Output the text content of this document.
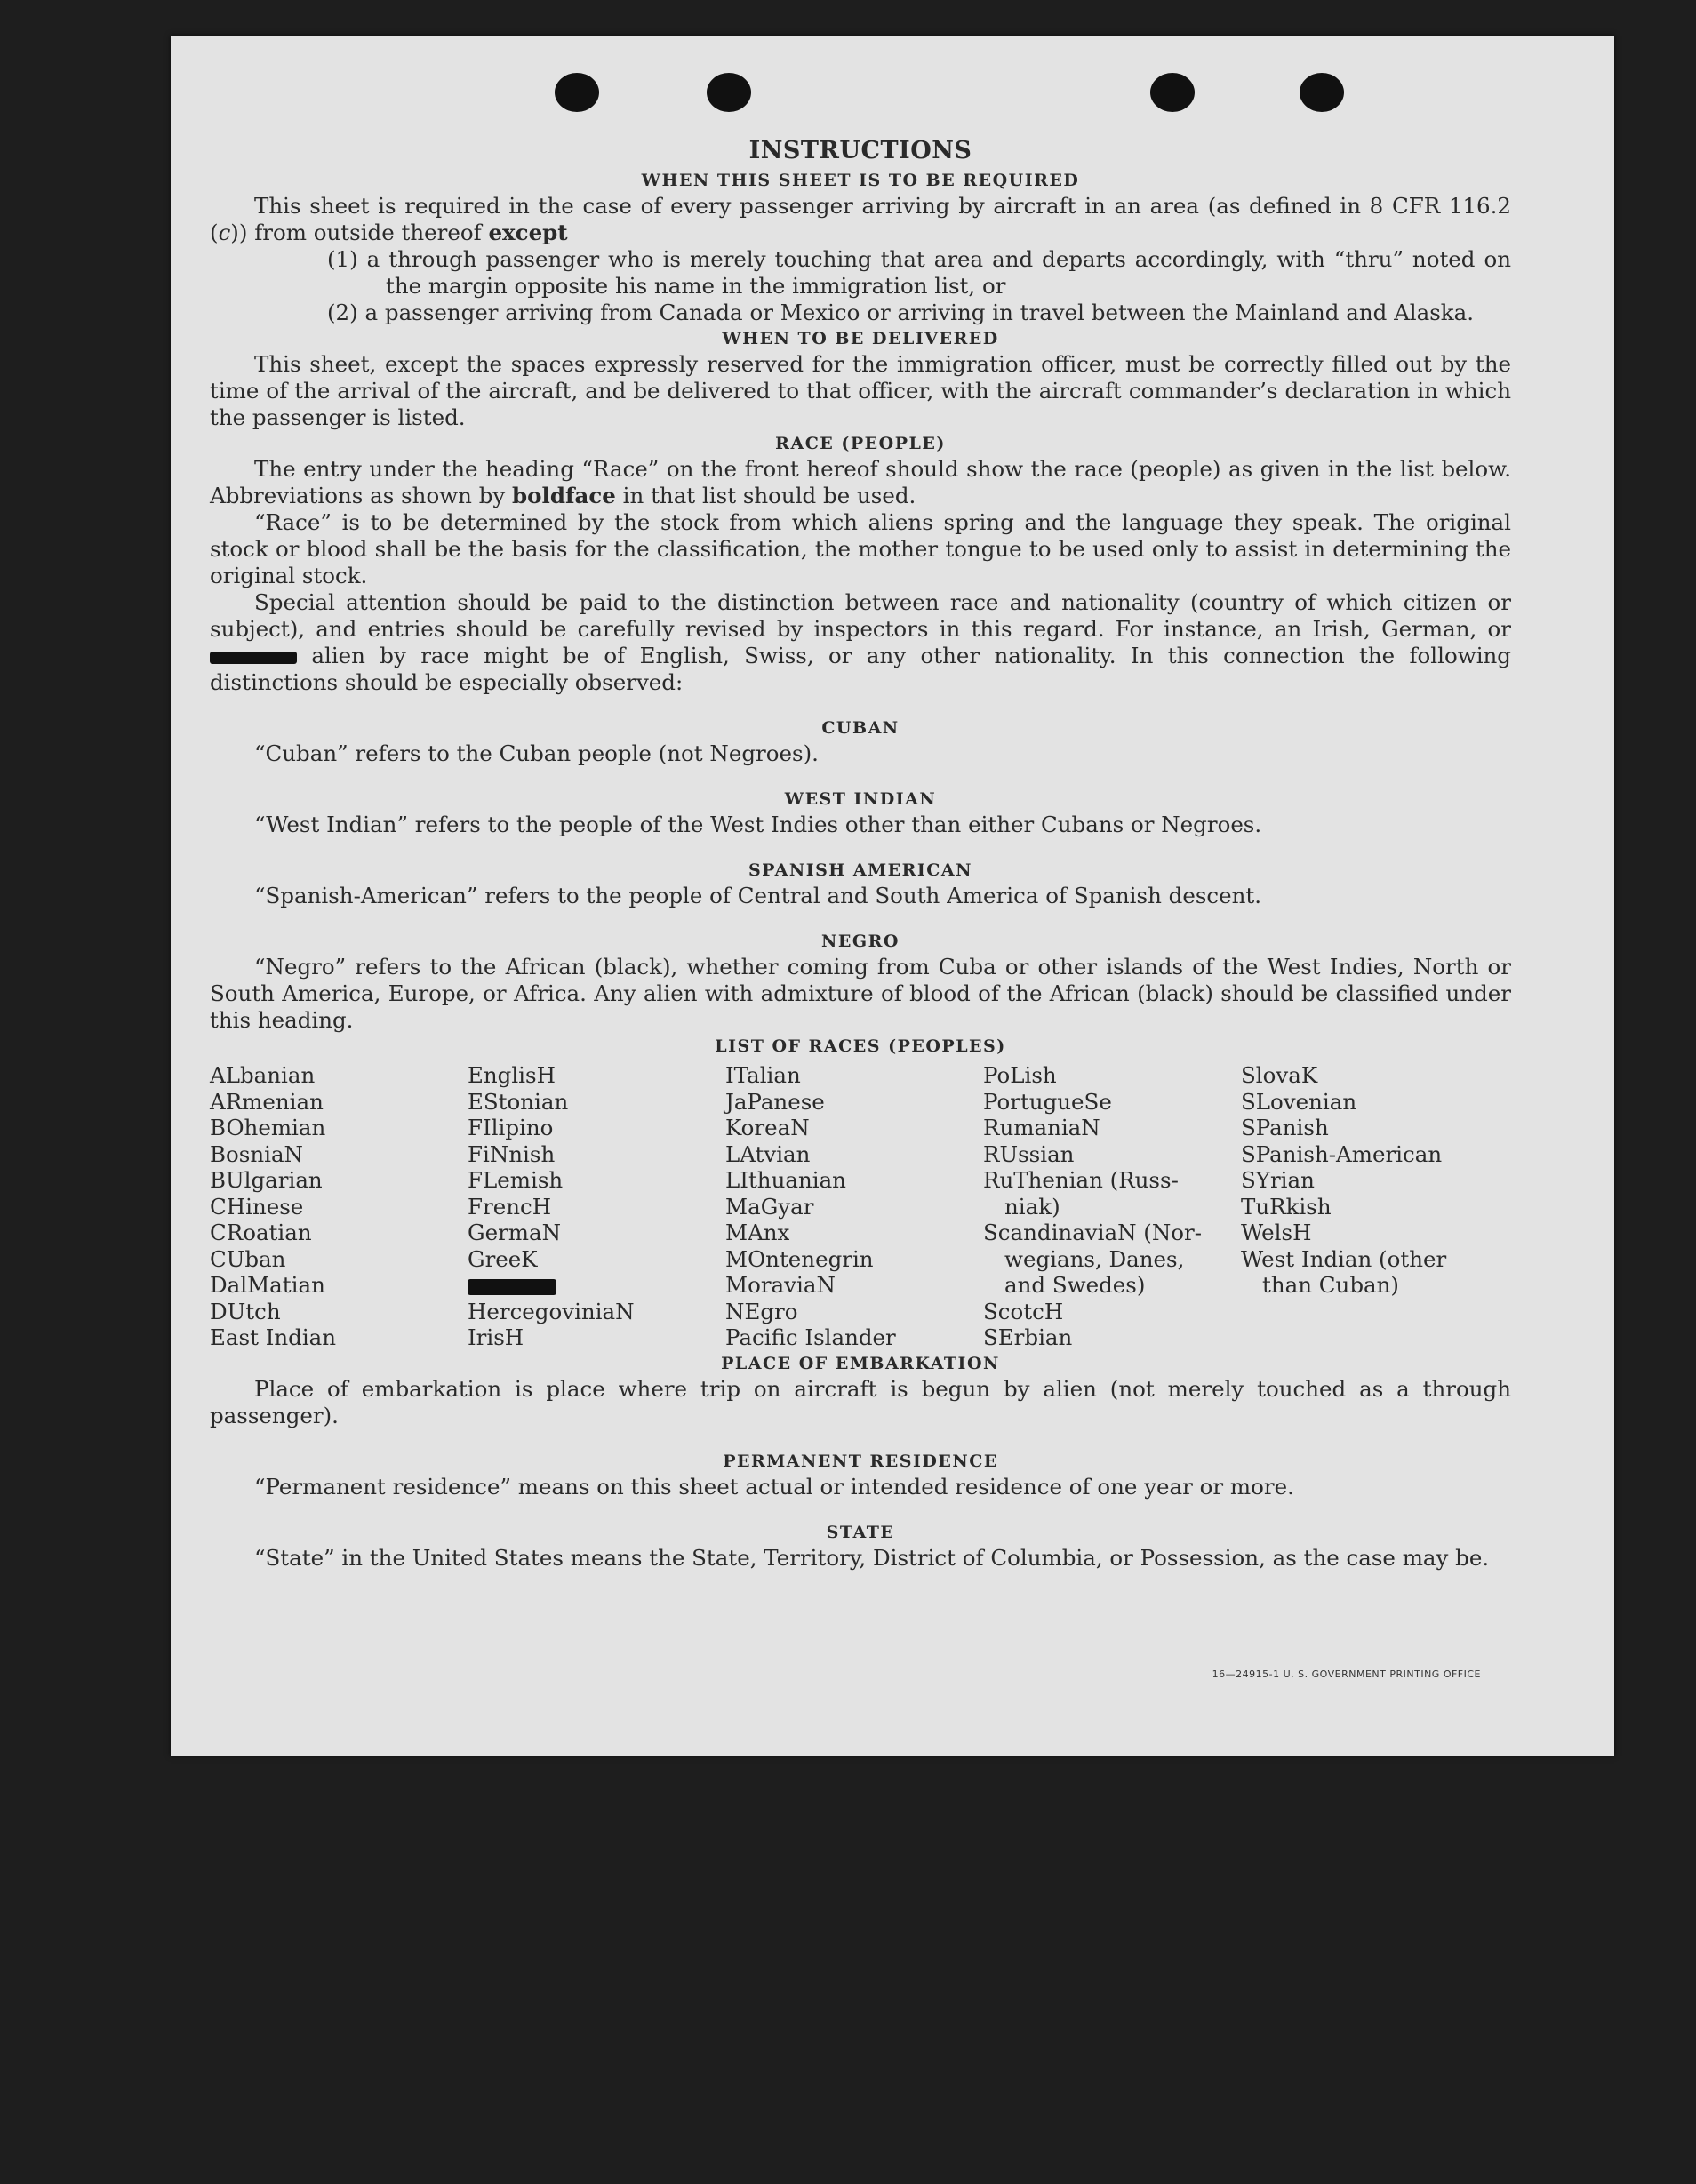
INSTRUCTIONS
WHEN THIS SHEET IS TO BE REQUIRED

This sheet is required in the case of every passenger arriving by aircraft in an area (as defined in 8 CFR 116.2 (c)) from outside thereof except

(1) a through passenger who is merely touching that area and departs accordingly, with “thru” noted on the margin opposite his name in the immigration list, or

(2) a passenger arriving from Canada or Mexico or arriving in travel between the Mainland and Alaska.

WHEN TO BE DELIVERED

This sheet, except the spaces expressly reserved for the immigration officer, must be correctly filled out by the time of the arrival of the aircraft, and be delivered to that officer, with the aircraft commander’s declaration in which the passenger is listed.

RACE (PEOPLE)

The entry under the heading “Race” on the front hereof should show the race (people) as given in the list below. Abbreviations as shown by boldface in that list should be used.

“Race” is to be determined by the stock from which aliens spring and the language they speak. The original stock or blood shall be the basis for the classification, the mother tongue to be used only to assist in determining the original stock.

Special attention should be paid to the distinction between race and nationality (country of which citizen or subject), and entries should be carefully revised by inspectors in this regard. For instance, an Irish, German, or  alien by race might be of English, Swiss, or any other nationality. In this connection the following distinctions should be especially observed:

CUBAN

“Cuban” refers to the Cuban people (not Negroes).

WEST INDIAN

“West Indian” refers to the people of the West Indies other than either Cubans or Negroes.

SPANISH AMERICAN

“Spanish-American” refers to the people of Central and South America of Spanish descent.

NEGRO

“Negro” refers to the African (black), whether coming from Cuba or other islands of the West Indies, North or South America, Europe, or Africa. Any alien with admixture of blood of the African (black) should be classified under this heading.

LIST OF RACES (PEOPLES)
ALbanian
ARmenian
BOhemian
BosniaN
BUlgarian
CHinese
CRoatian
CUban
DalMatian
DUtch
East Indian
EnglisH
EStonian
FIlipino
FiNnish
FLemish
FrencH
GermaN
GreeK
HercegoviniaN
IrisH
ITalian
JaPanese
KoreaN
LAtvian
LIthuanian
MaGyar
MAnx
MOntenegrin
MoraviaN
NEgro
Pacific Islander
PoLish
PortugueSe
RumaniaN
RUssian
RuThenian (Russ-
niak)
ScandinaviaN (Nor-
wegians, Danes,
and Swedes)
ScotcH
SErbian
SlovaK
SLovenian
SPanish
SPanish-American
SYrian
TuRkish
WelsH
West Indian (other
than Cuban)
PLACE OF EMBARKATION

Place of embarkation is place where trip on aircraft is begun by alien (not merely touched as a through passenger).

PERMANENT RESIDENCE

“Permanent residence” means on this sheet actual or intended residence of one year or more.

STATE

“State” in the United States means the State, Territory, District of Columbia, or Possession, as the case may be.

16—24915-1 U. S. GOVERNMENT PRINTING OFFICE
